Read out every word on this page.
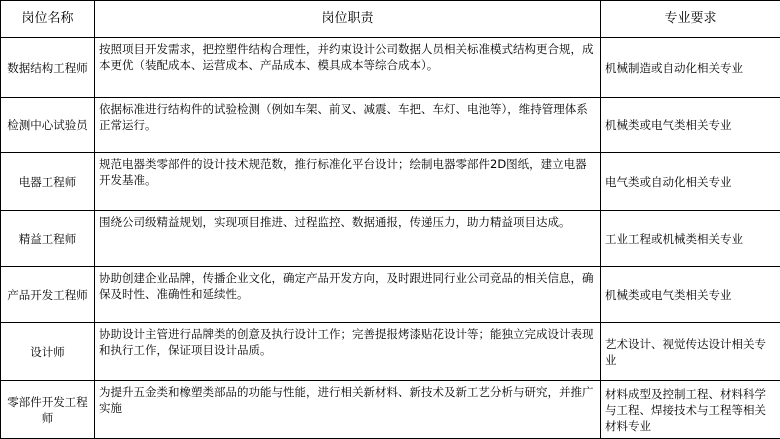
岗位名称	岗位职责	专业要求
数据结构工程师	按照项目开发需求，把控塑件结构合理性，并约束设计公司数据人员相关标准模式结构更合规，成本更优（装配成本、运营成本、产品成本、模具成本等综合成本）。	机械制造或自动化相关专业
检测中心试验员	依据标准进行结构件的试验检测（例如车架、前叉、减震、车把、车灯、电池等），维持管理体系正常运行。	机械类或电气类相关专业
电器工程师	规范电器类零部件的设计技术规范数，推行标准化平台设计；绘制电器零部件2D图纸，建立电器开发基准。	电气类或自动化相关专业
精益工程师	围绕公司级精益规划，实现项目推进、过程监控、数据通报，传递压力，助力精益项目达成。	工业工程或机械类相关专业
产品开发工程师	协助创建企业品牌，传播企业文化，确定产品开发方向，及时跟进同行业公司竞品的相关信息，确保及时性、准确性和延续性。	机械类或电气类相关专业
设计师	协助设计主管进行品牌类的创意及执行设计工作；完善提报烤漆贴花设计等；能独立完成设计表现和执行工作，保证项目设计品质。	艺术设计、视觉传达设计相关专业
零部件开发工程师	为提升五金类和橡塑类部品的功能与性能，进行相关新材料、新技术及新工艺分析与研究，并推广实施	材料成型及控制工程、材料科学与工程、焊接技术与工程等相关材料专业
